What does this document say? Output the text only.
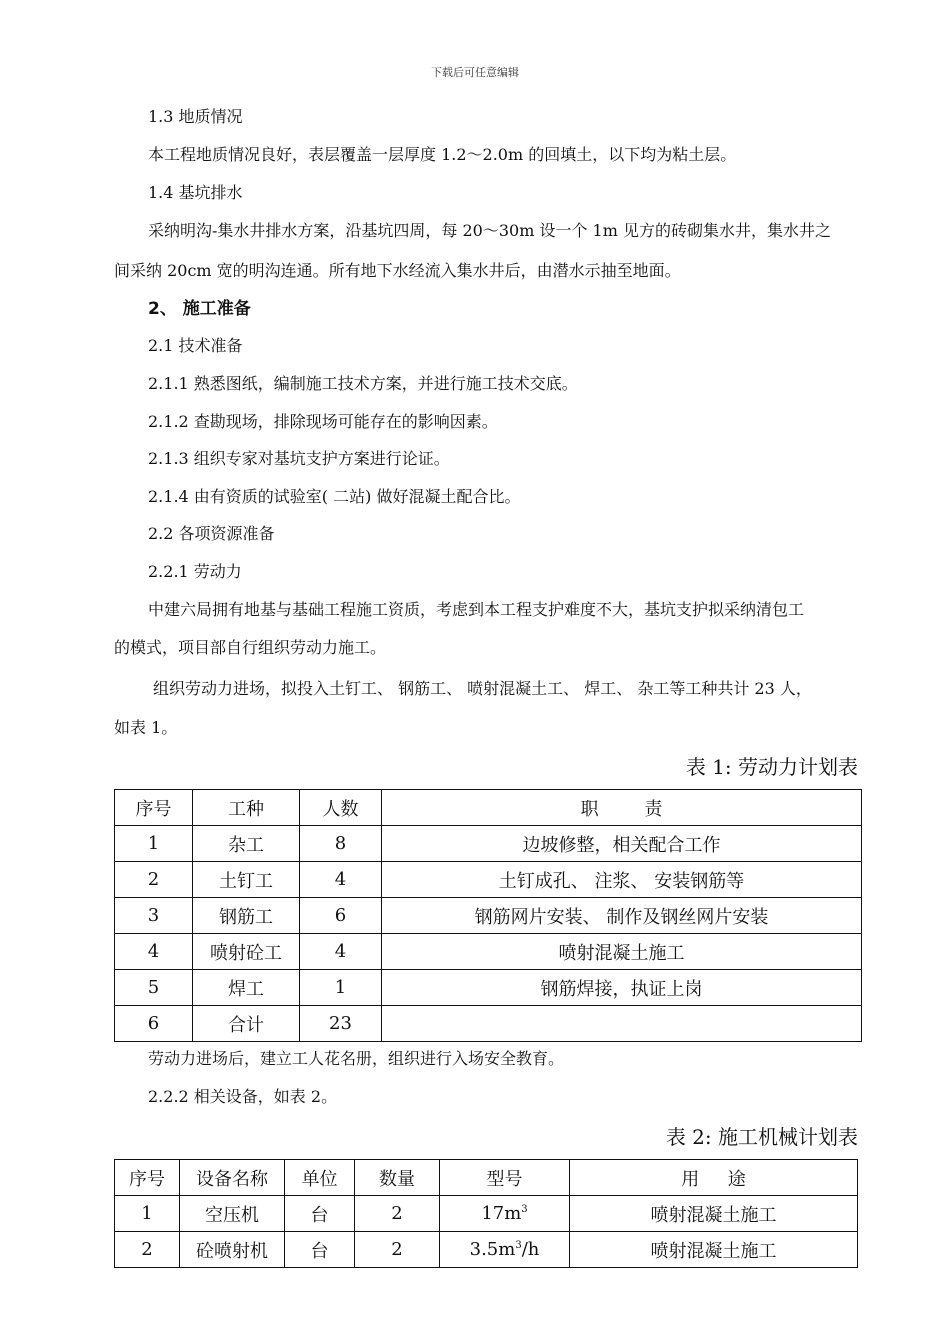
下载后可任意编辑
1.3 地质情况
本工程地质情况良好，表层覆盖一层厚度 1.2～2.0m 的回填土，以下均为粘土层。
1.4 基坑排水
采纳明沟-集水井排水方案，沿基坑四周，每 20～30m 设一个 1m 见方的砖砌集水井，集水井之
间采纳 20cm 宽的明沟连通。所有地下水经流入集水井后，由潜水示抽至地面。
2、 施工准备
2.1 技术准备
2.1.1 熟悉图纸，编制施工技术方案，并进行施工技术交底。
2.1.2 查勘现场，排除现场可能存在的影响因素。
2.1.3 组织专家对基坑支护方案进行论证。
2.1.4 由有资质的试验室( 二站) 做好混凝土配合比。
2.2 各项资源准备
2.2.1 劳动力
中建六局拥有地基与基础工程施工资质，考虑到本工程支护难度不大，基坑支护拟采纳清包工
的模式，项目部自行组织劳动力施工。
组织劳动力进场，拟投入土钉工、 钢筋工、 喷射混凝土工、 焊工、 杂工等工种共计 23 人，
如表 1。
表 1: 劳动力计划表
序号	工种	人数	职        责
1	杂工	8	边坡修整，相关配合工作
2	土钉工	4	土钉成孔、 注浆、 安装钢筋等
3	钢筋工	6	钢筋网片安装、 制作及钢丝网片安装
4	喷射砼工	4	喷射混凝土施工
5	焊工	1	钢筋焊接，执证上岗
6	合计	23	
劳动力进场后，建立工人花名册，组织进行入场安全教育。
2.2.2 相关设备，如表 2。
表 2: 施工机械计划表
序号	设备名称	单位	数量	型号	用     途
1	空压机	台	2	$17m^3$	喷射混凝土施工
2	砼喷射机	台	2	$3.5m^3/h$	喷射混凝土施工
